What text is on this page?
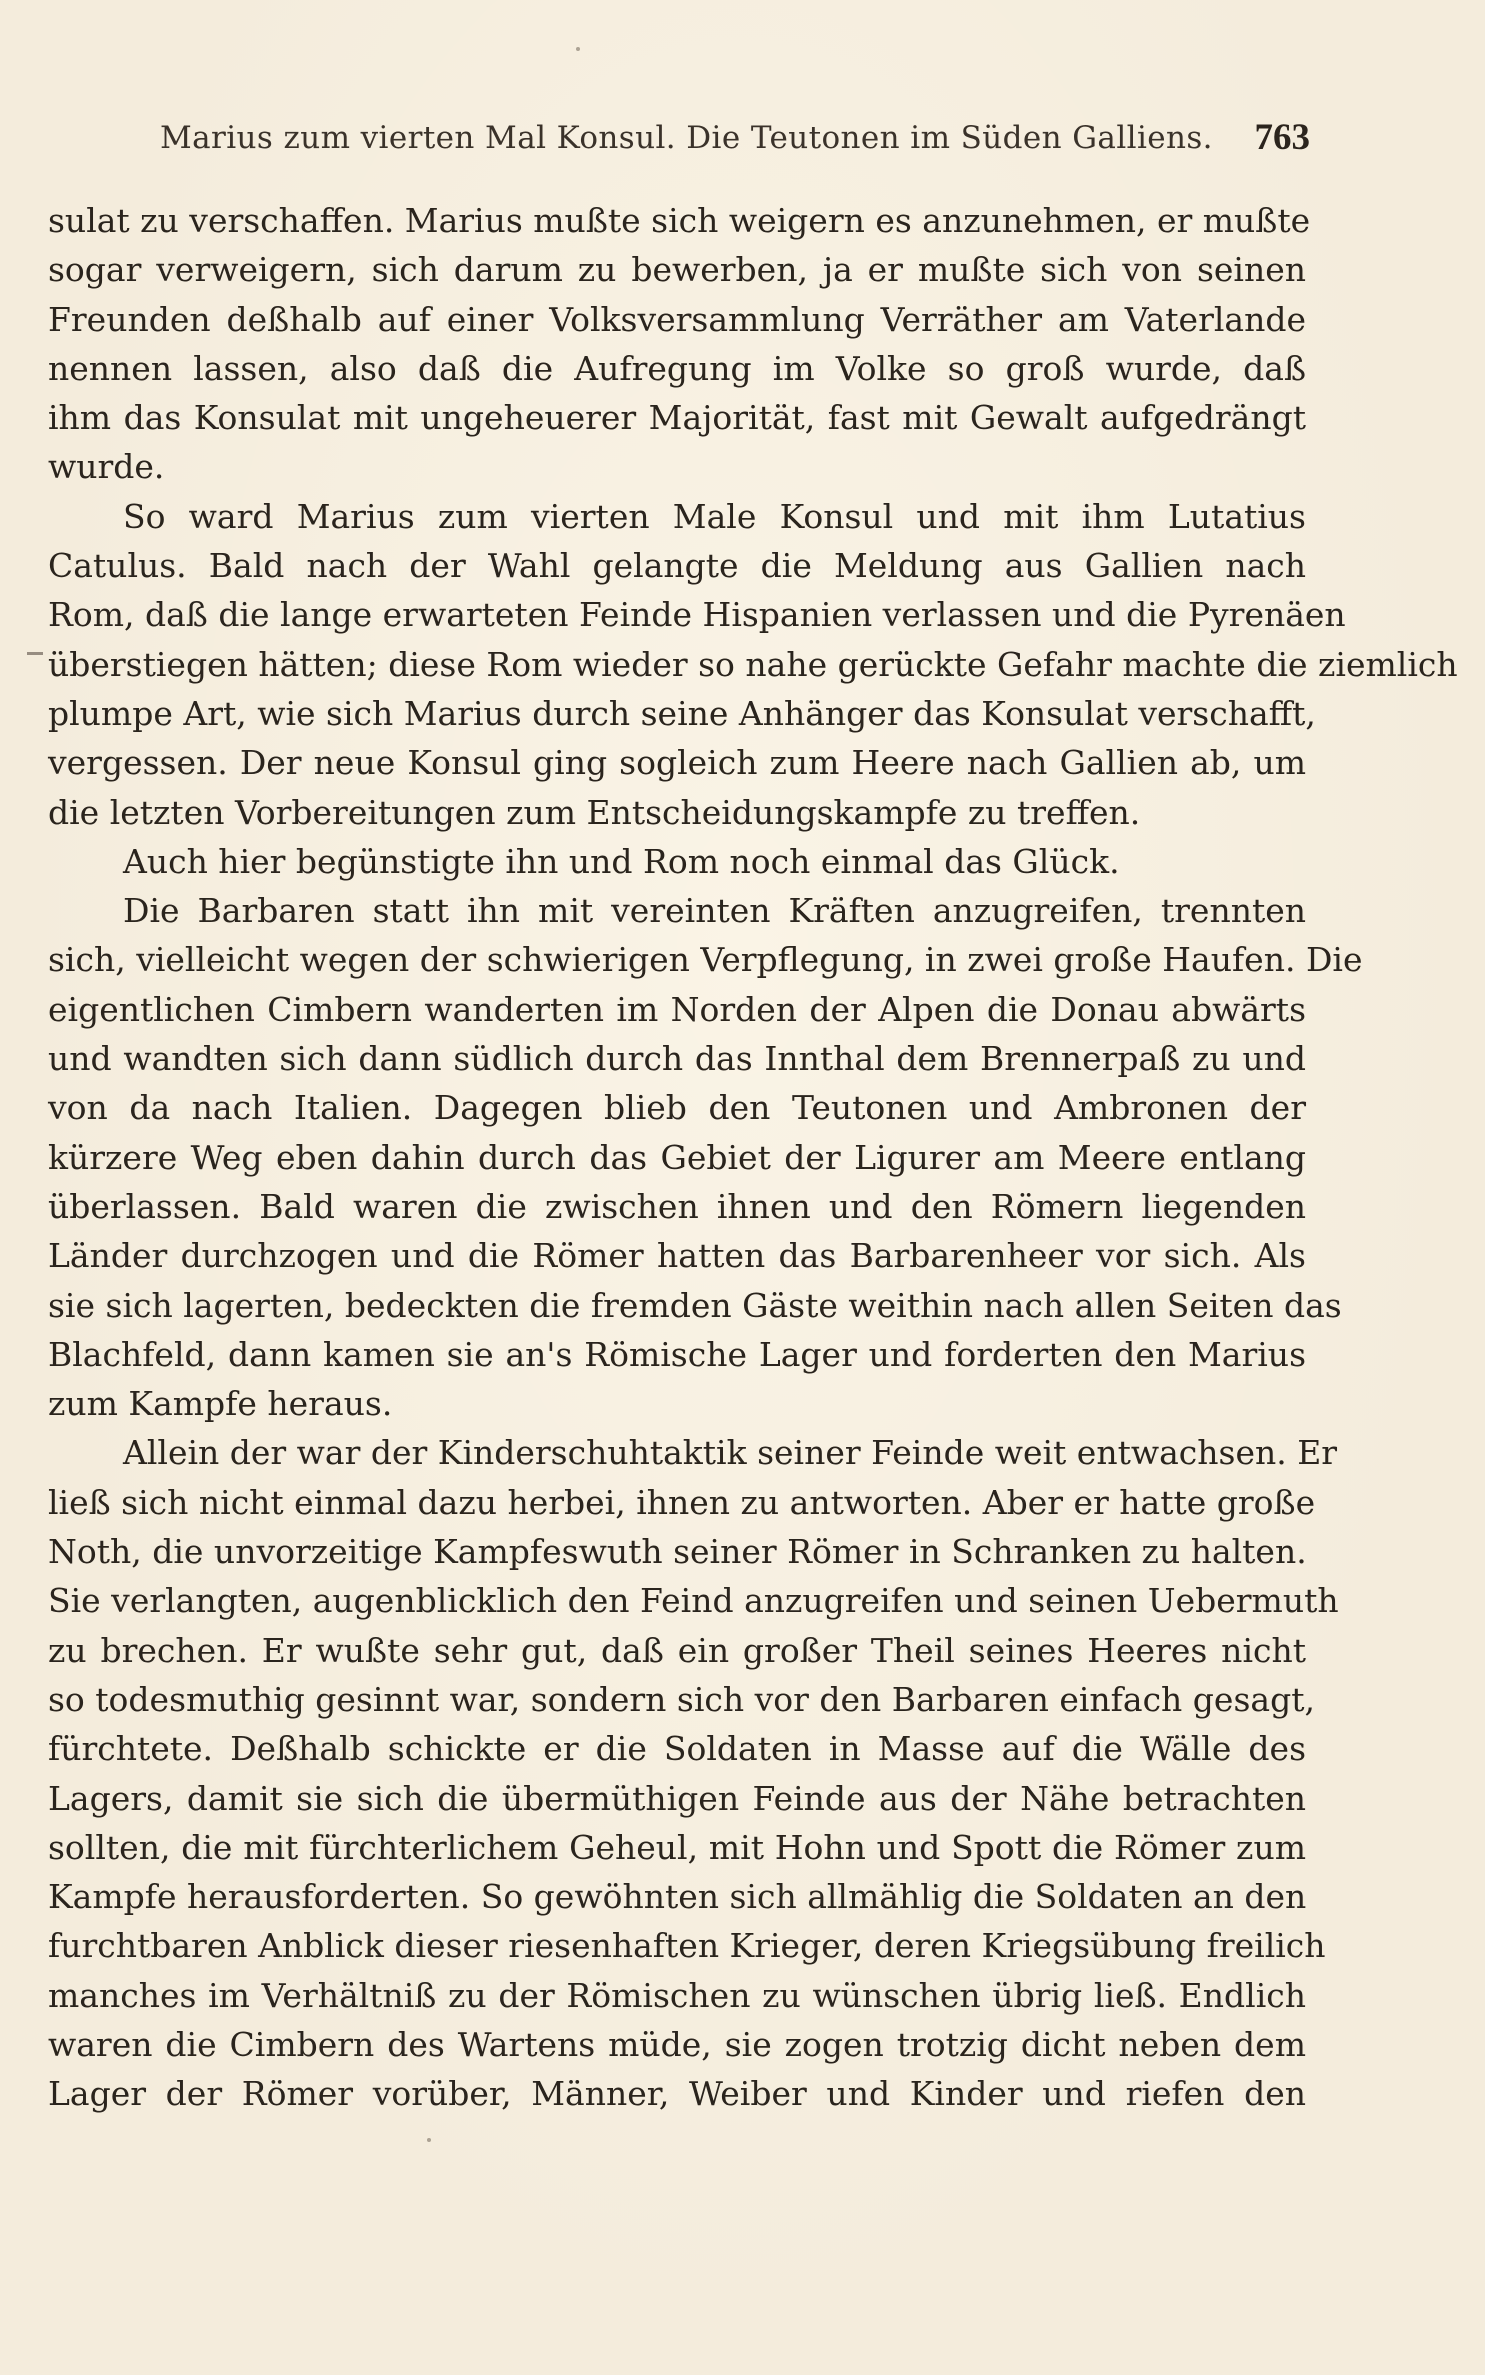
Marius zum vierten Mal Konsul. Die Teutonen im Süden Galliens. 763
sulat zu verschaffen. Marius mußte sich weigern es anzunehmen, er mußte
sogar verweigern, sich darum zu bewerben, ja er mußte sich von seinen
Freunden deßhalb auf einer Volksversammlung Verräther am Vaterlande
nennen lassen, also daß die Aufregung im Volke so groß wurde, daß
ihm das Konsulat mit ungeheuerer Majorität, fast mit Gewalt aufgedrängt
wurde.
So ward Marius zum vierten Male Konsul und mit ihm Lutatius
Catulus. Bald nach der Wahl gelangte die Meldung aus Gallien nach
Rom, daß die lange erwarteten Feinde Hispanien verlassen und die Pyrenäen
überstiegen hätten; diese Rom wieder so nahe gerückte Gefahr machte die ziemlich
plumpe Art, wie sich Marius durch seine Anhänger das Konsulat verschafft,
vergessen. Der neue Konsul ging sogleich zum Heere nach Gallien ab, um
die letzten Vorbereitungen zum Entscheidungskampfe zu treffen.
Auch hier begünstigte ihn und Rom noch einmal das Glück.
Die Barbaren statt ihn mit vereinten Kräften anzugreifen, trennten
sich, vielleicht wegen der schwierigen Verpflegung, in zwei große Haufen. Die
eigentlichen Cimbern wanderten im Norden der Alpen die Donau abwärts
und wandten sich dann südlich durch das Innthal dem Brennerpaß zu und
von da nach Italien. Dagegen blieb den Teutonen und Ambronen der
kürzere Weg eben dahin durch das Gebiet der Ligurer am Meere entlang
überlassen. Bald waren die zwischen ihnen und den Römern liegenden
Länder durchzogen und die Römer hatten das Barbarenheer vor sich. Als
sie sich lagerten, bedeckten die fremden Gäste weithin nach allen Seiten das
Blachfeld, dann kamen sie an's Römische Lager und forderten den Marius
zum Kampfe heraus.
Allein der war der Kinderschuhtaktik seiner Feinde weit entwachsen. Er
ließ sich nicht einmal dazu herbei, ihnen zu antworten. Aber er hatte große
Noth, die unvorzeitige Kampfeswuth seiner Römer in Schranken zu halten.
Sie verlangten, augenblicklich den Feind anzugreifen und seinen Uebermuth
zu brechen. Er wußte sehr gut, daß ein großer Theil seines Heeres nicht
so todesmuthig gesinnt war, sondern sich vor den Barbaren einfach gesagt,
fürchtete. Deßhalb schickte er die Soldaten in Masse auf die Wälle des
Lagers, damit sie sich die übermüthigen Feinde aus der Nähe betrachten
sollten, die mit fürchterlichem Geheul, mit Hohn und Spott die Römer zum
Kampfe herausforderten. So gewöhnten sich allmählig die Soldaten an den
furchtbaren Anblick dieser riesenhaften Krieger, deren Kriegsübung freilich
manches im Verhältniß zu der Römischen zu wünschen übrig ließ. Endlich
waren die Cimbern des Wartens müde, sie zogen trotzig dicht neben dem
Lager der Römer vorüber, Männer, Weiber und Kinder und riefen den
